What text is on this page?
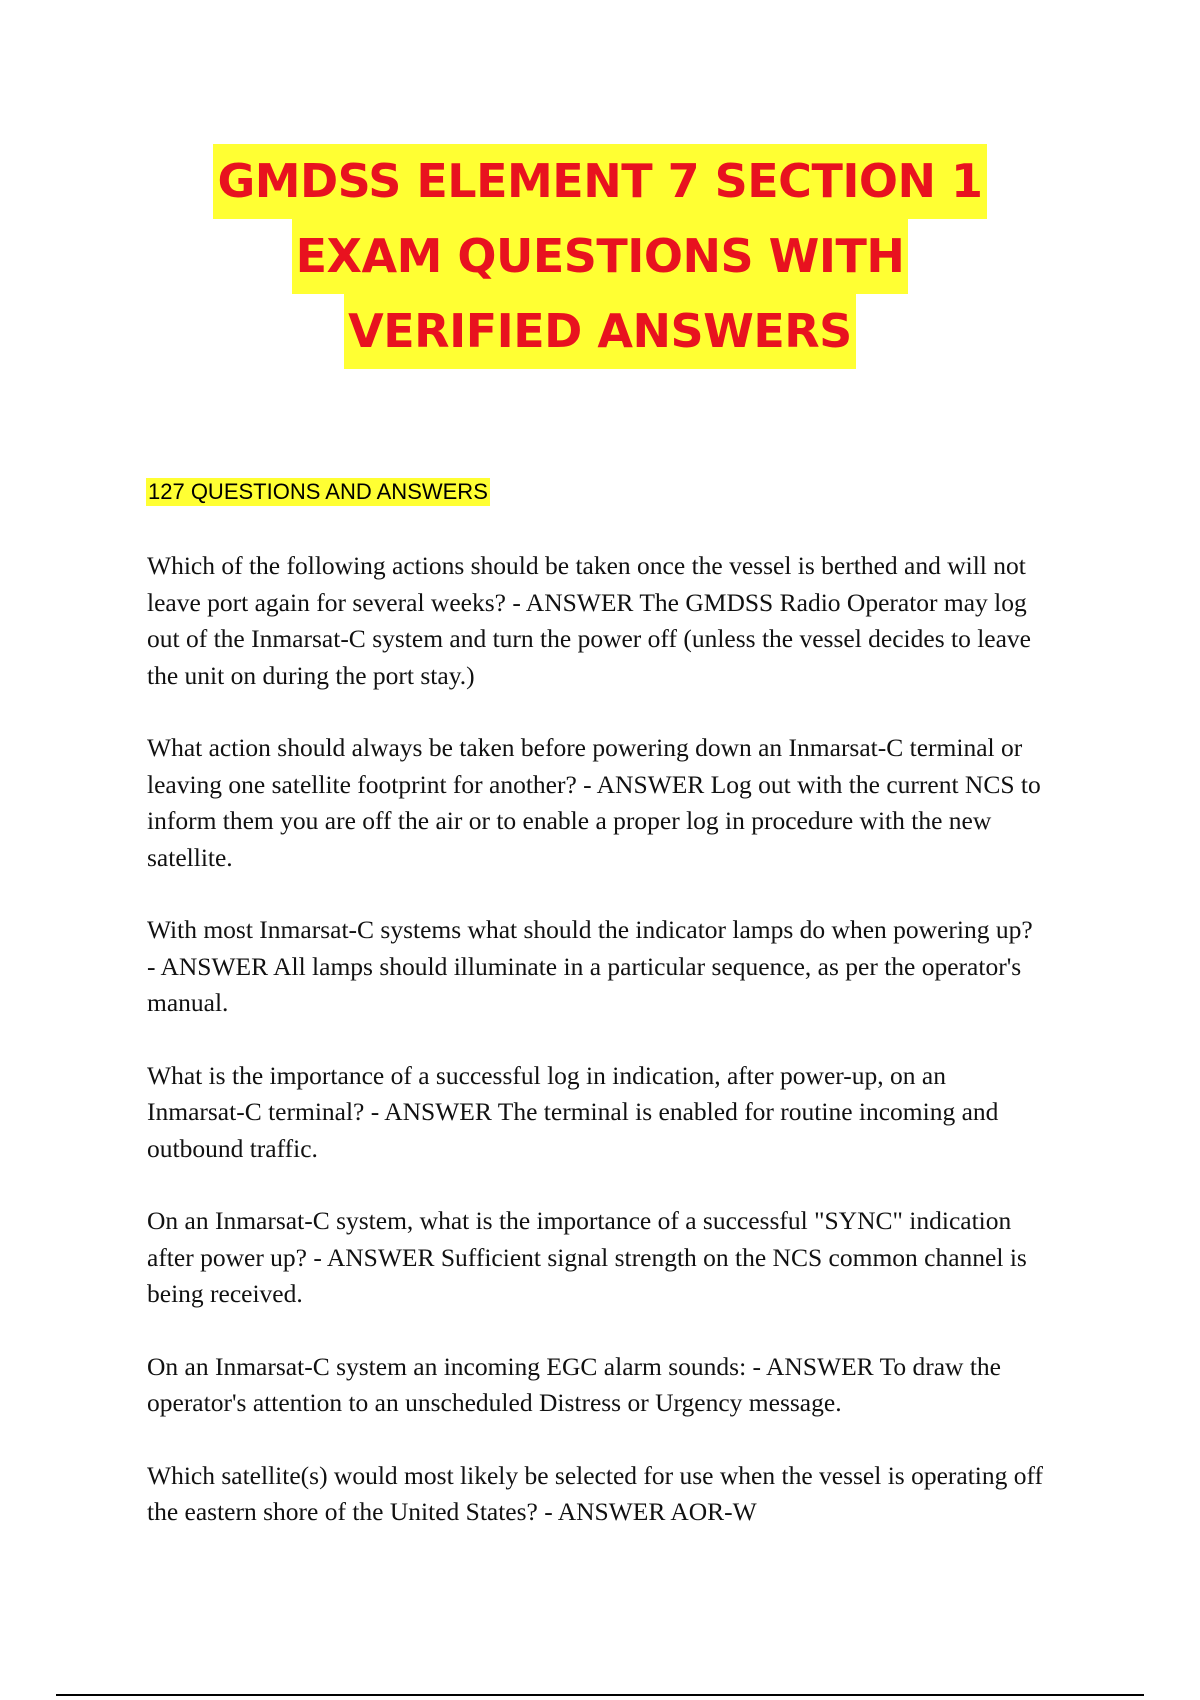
GMDSS ELEMENT 7 SECTION 1
EXAM QUESTIONS WITH
VERIFIED ANSWERS
127 QUESTIONS AND ANSWERS

Which of the following actions should be taken once the vessel is berthed and will not leave port again for several weeks? - ANSWER The GMDSS Radio Operator may log out of the Inmarsat-C system and turn the power off (unless the vessel decides to leave the unit on during the port stay.)

What action should always be taken before powering down an Inmarsat-C terminal or leaving one satellite footprint for another? - ANSWER Log out with the current NCS to inform them you are off the air or to enable a proper log in procedure with the new satellite.

With most Inmarsat-C systems what should the indicator lamps do when powering up? - ANSWER All lamps should illuminate in a particular sequence, as per the operator's manual.

What is the importance of a successful log in indication, after power-up, on an Inmarsat-C terminal? - ANSWER The terminal is enabled for routine incoming and outbound traffic.

On an Inmarsat-C system, what is the importance of a successful "SYNC" indication after power up? - ANSWER Sufficient signal strength on the NCS common channel is being received.

On an Inmarsat-C system an incoming EGC alarm sounds: - ANSWER To draw the operator's attention to an unscheduled Distress or Urgency message.

Which satellite(s) would most likely be selected for use when the vessel is operating off the eastern shore of the United States? - ANSWER AOR-W
